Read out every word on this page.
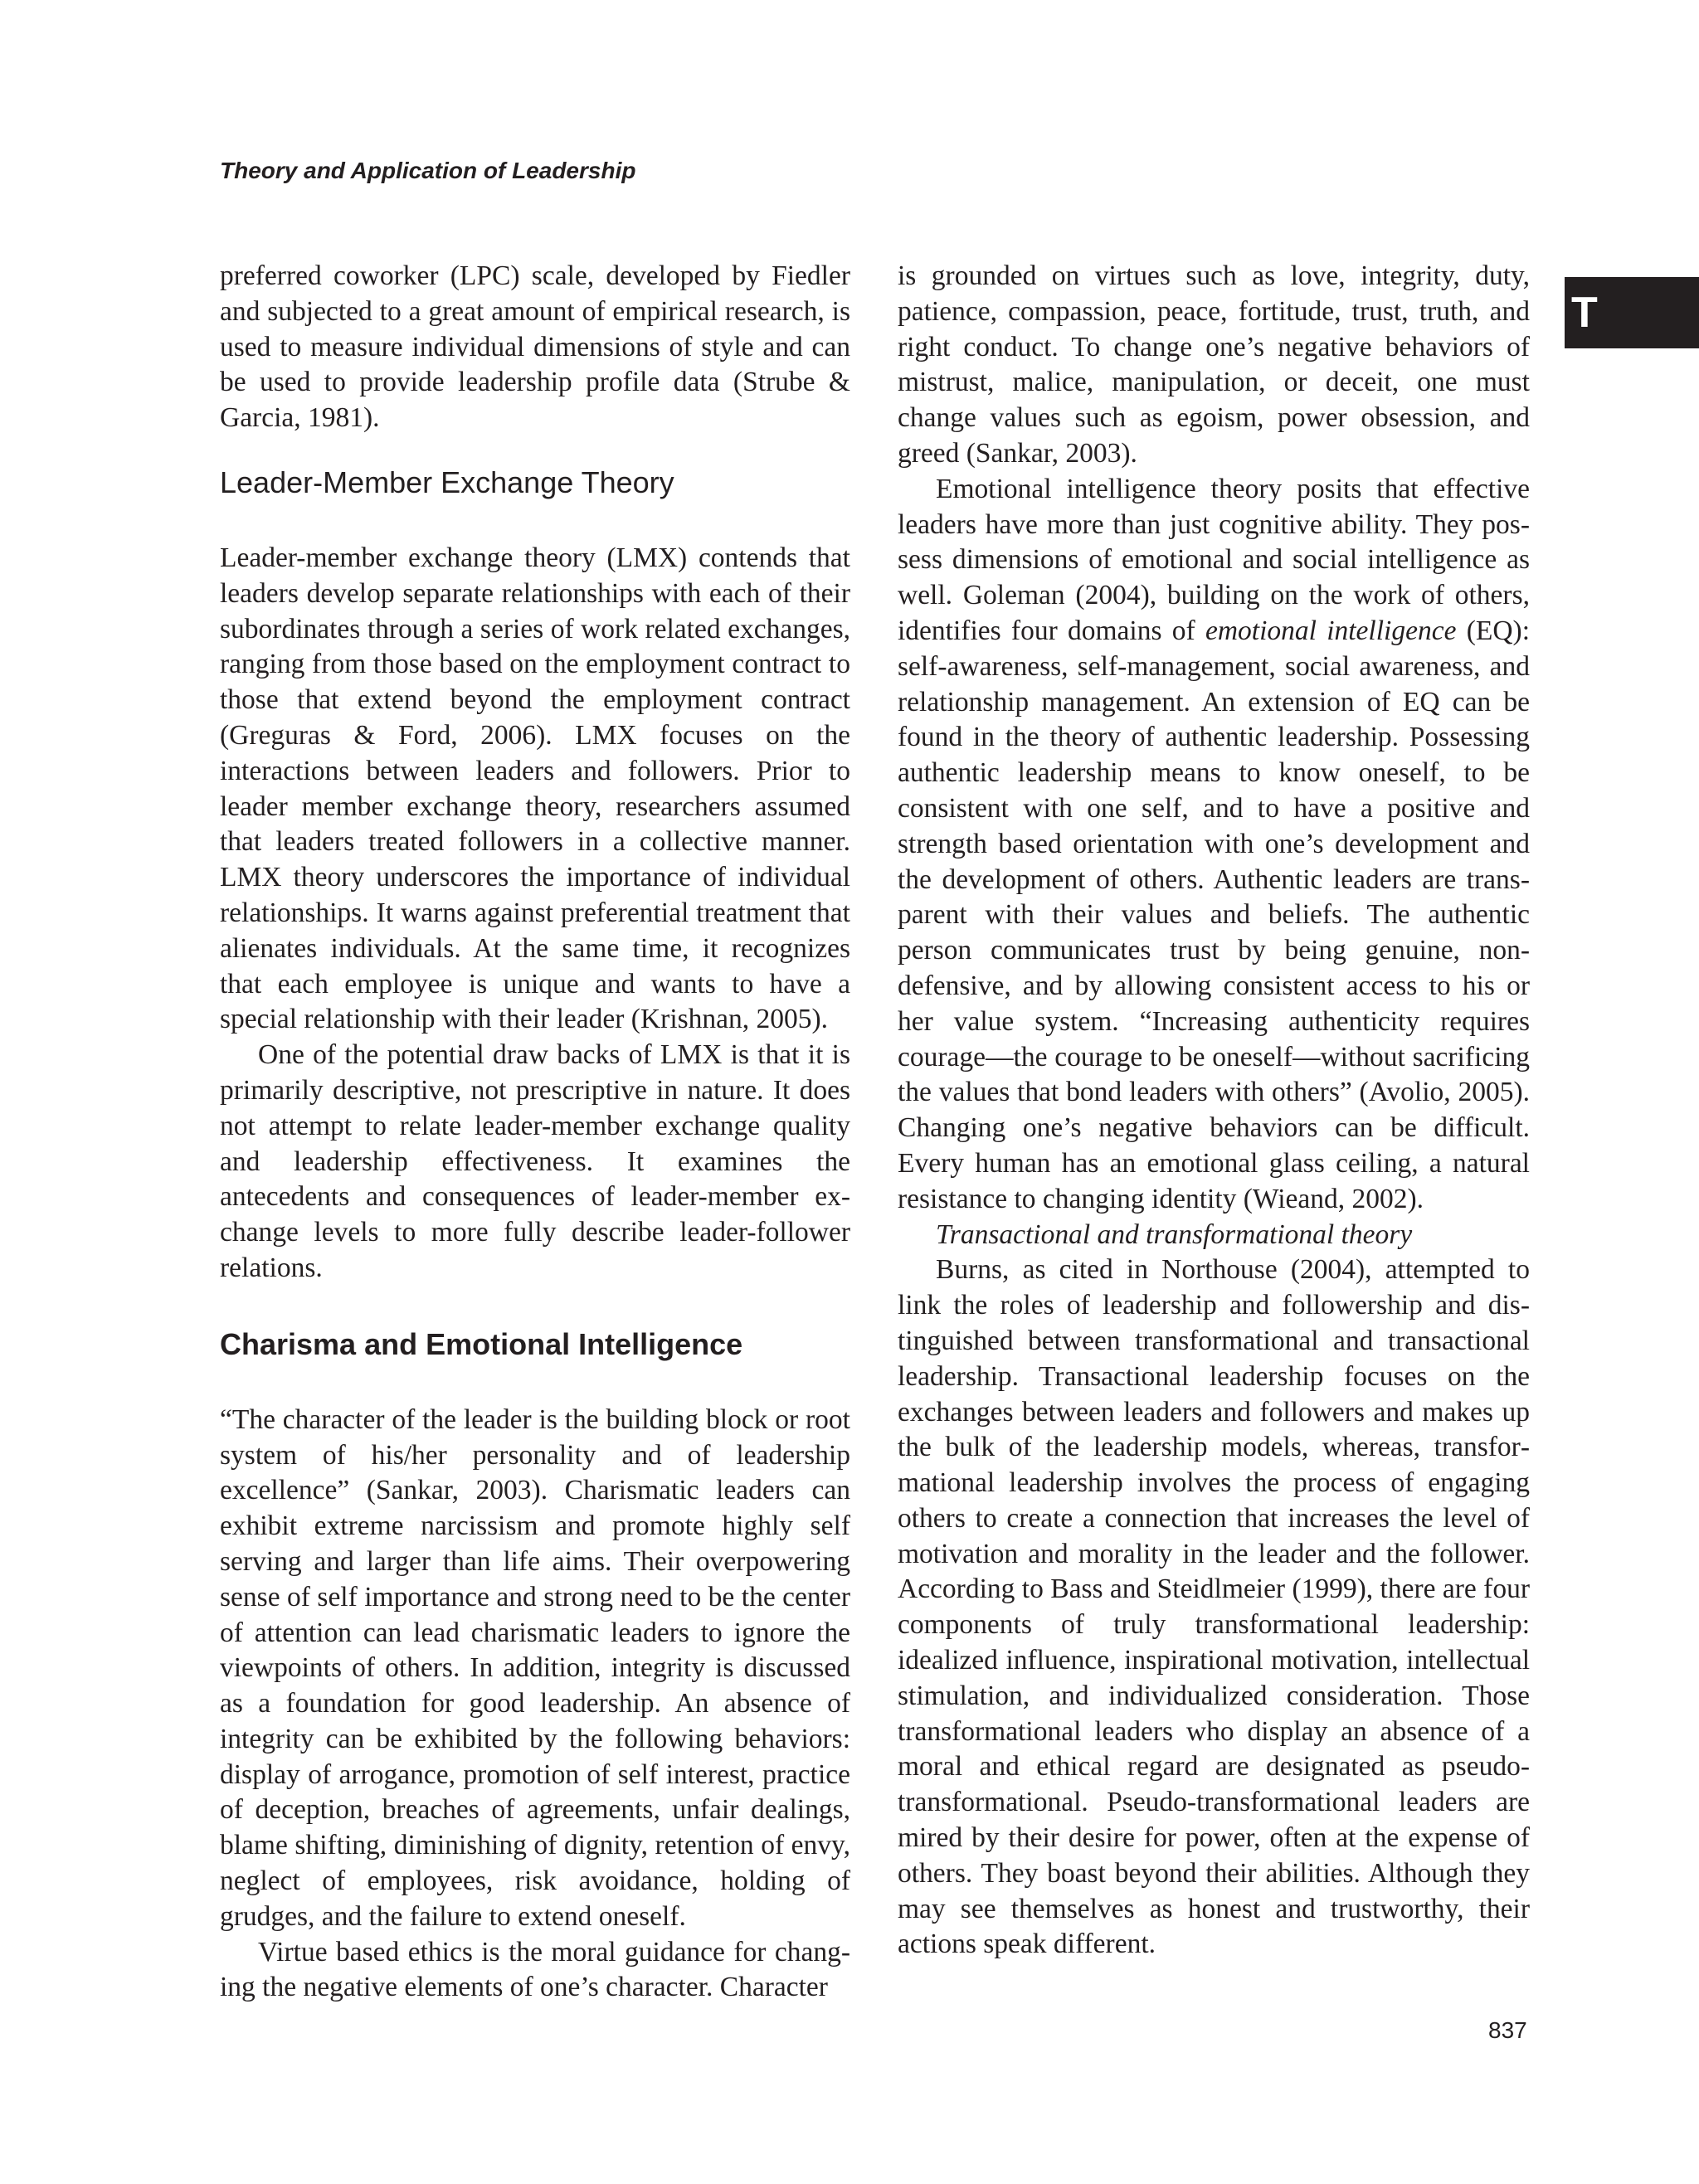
Theory and Application of Leadership
T

preferred coworker (LPC) scale, developed by Fiedler and subjected to a great amount of empirical research, is used to measure individual dimensions of style and can be used to provide leadership profile data (Strube & Garcia, 1981).

Leader-Member Exchange Theory

Leader-member exchange theory (LMX) contends that leaders develop separate relationships with each of their subordinates through a series of work related exchanges, ranging from those based on the employment contract to those that extend beyond the employment contract (Greguras & Ford, 2006). LMX focuses on the interactions between leaders and followers. Prior to leader member exchange theory, researchers assumed that leaders treated followers in a collective manner. LMX theory underscores the importance of individual relationships. It warns against preferential treatment that alienates individuals. At the same time, it recognizes that each employee is unique and wants to have a special relationship with their leader (Krishnan, 2005).

One of the potential draw backs of LMX is that it is primarily descriptive, not prescriptive in nature. It does not attempt to relate leader-member exchange quality and leadership effectiveness. It examines the antecedents and consequences of leader-member exchange levels to more fully describe leader-follower relations.

Charisma and Emotional Intelligence

“The character of the leader is the building block or root system of his/her personality and of leadership excellence” (Sankar, 2003). Charismatic leaders can exhibit extreme narcissism and promote highly self serving and larger than life aims. Their overpowering sense of self importance and strong need to be the center of attention can lead charismatic leaders to ignore the viewpoints of others. In addition, integrity is discussed as a foundation for good leadership. An absence of integrity can be exhibited by the following behaviors: display of arrogance, promotion of self interest, practice of deception, breaches of agreements, unfair dealings, blame shifting, diminishing of dignity, retention of envy, neglect of employees, risk avoidance, holding of grudges, and the failure to extend oneself.

Virtue based ethics is the moral guidance for changing the negative elements of one’s character. Character

is grounded on virtues such as love, integrity, duty, patience, compassion, peace, fortitude, trust, truth, and right conduct. To change one’s negative behaviors of mistrust, malice, manipulation, or deceit, one must change values such as egoism, power obsession, and greed (Sankar, 2003).

Emotional intelligence theory posits that effective leaders have more than just cognitive ability. They possess dimensions of emotional and social intelligence as well. Goleman (2004), building on the work of others, identifies four domains of emotional intelligence (EQ): self-awareness, self-management, social awareness, and relationship management. An extension of EQ can be found in the theory of authentic leadership. Possessing authentic leadership means to know oneself, to be consistent with one self, and to have a positive and strength based orientation with one’s development and the development of others. Authentic leaders are transparent with their values and beliefs. The authentic person communicates trust by being genuine, non-defensive, and by allowing consistent access to his or her value system. “Increasing authenticity requires courage—the courage to be oneself—without sacrificing the values that bond leaders with others” (Avolio, 2005). Changing one’s negative behaviors can be difficult. Every human has an emotional glass ceiling, a natural resistance to changing identity (Wieand, 2002).

Transactional and transformational theory

Burns, as cited in Northouse (2004), attempted to link the roles of leadership and followership and distinguished between transformational and transactional leadership. Transactional leadership focuses on the exchanges between leaders and followers and makes up the bulk of the leadership models, whereas, transformational leadership involves the process of engaging others to create a connection that increases the level of motivation and morality in the leader and the follower. According to Bass and Steidlmeier (1999), there are four components of truly transformational leadership: idealized influence, inspirational motivation, intellectual stimulation, and individualized consideration. Those transformational leaders who display an absence of a moral and ethical regard are designated as pseudo-transformational. Pseudo-transformational leaders are mired by their desire for power, often at the expense of others. They boast beyond their abilities. Although they may see themselves as honest and trustworthy, their actions speak different.

837
